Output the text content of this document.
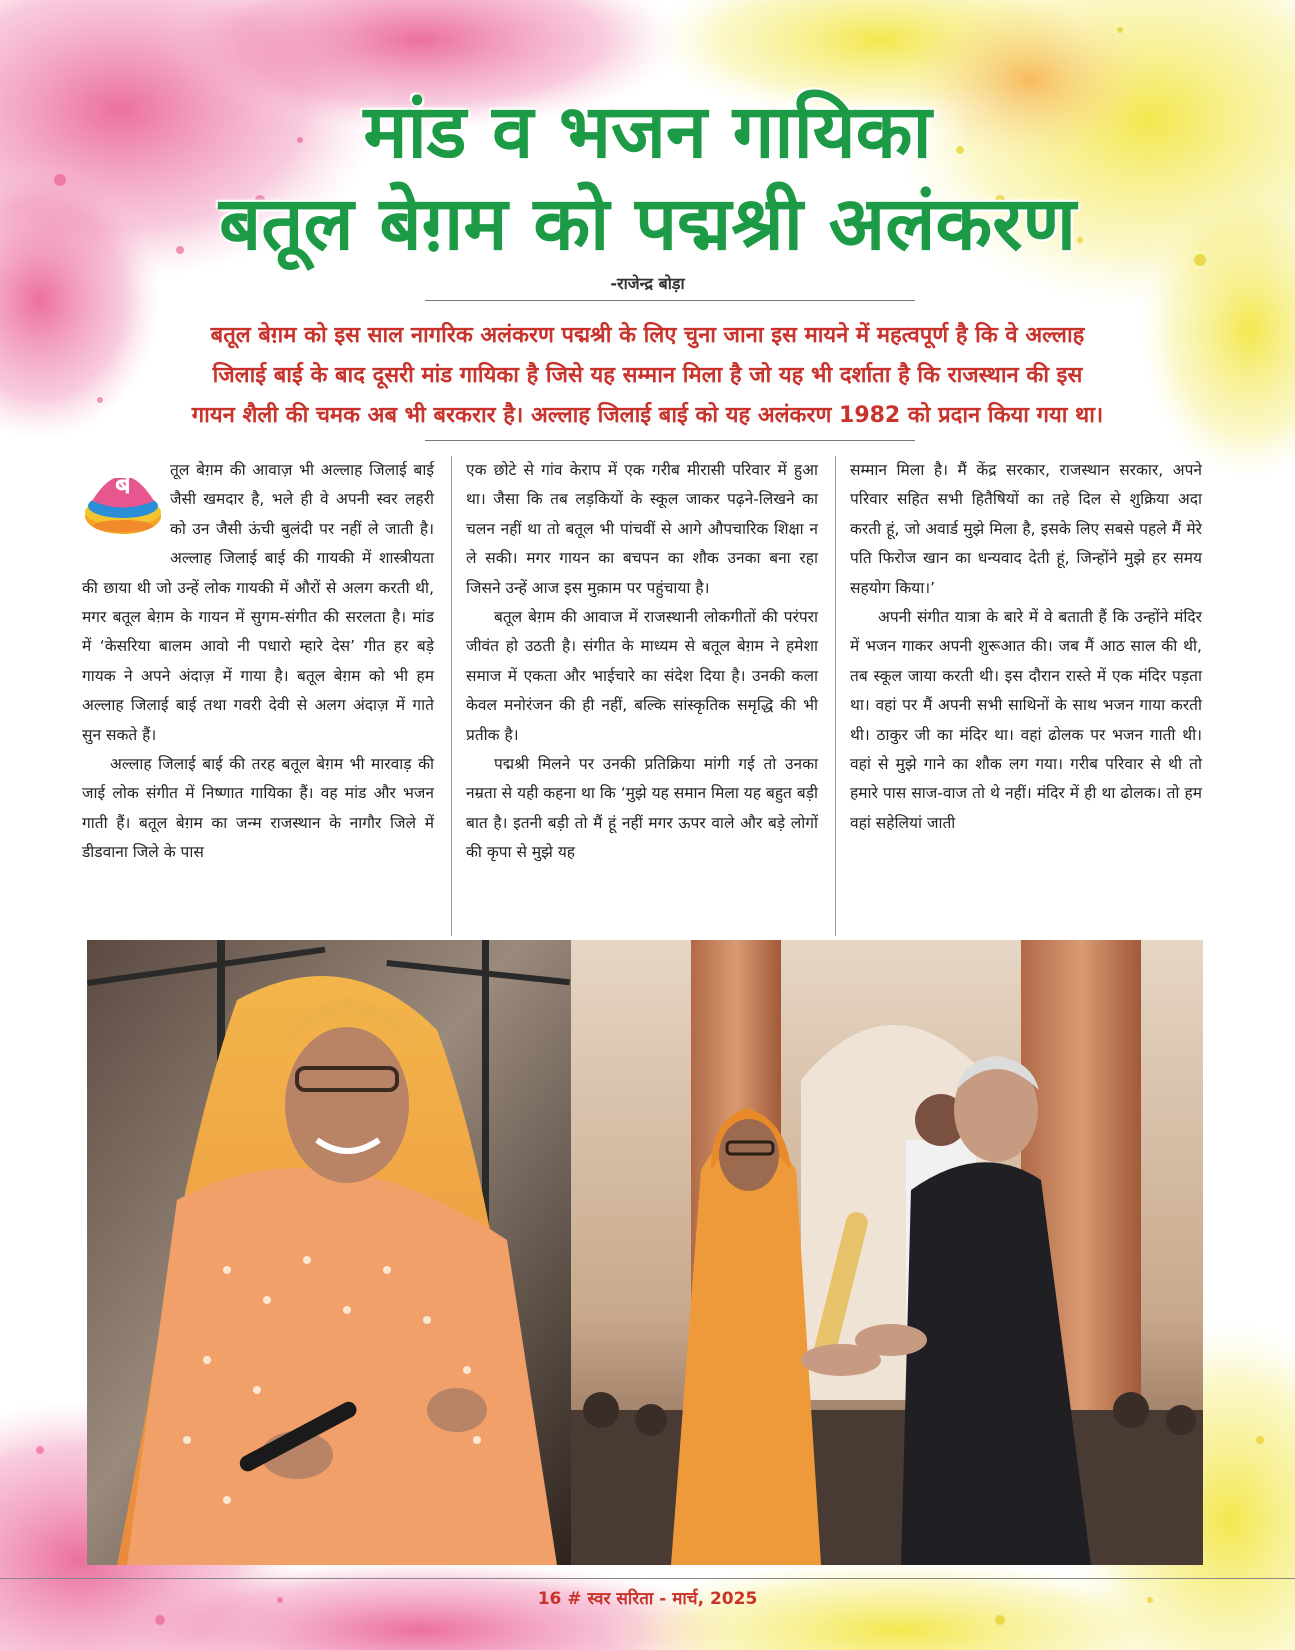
मांड व भजन गायिका
बतूल बेग़म को पद्मश्री अलंकरण
-राजेन्द्र बोड़ा
बतूल बेग़म को इस साल नागरिक अलंकरण पद्मश्री के लिए चुना जाना इस मायने में महत्वपूर्ण है कि वे अल्लाह
जिलाई बाई के बाद दूसरी मांड गायिका है जिसे यह सम्मान मिला है जो यह भी दर्शाता है कि राजस्थान की इस
गायन शैली की चमक अब भी बरकरार है। अल्लाह जिलाई बाई को यह अलंकरण 1982 को प्रदान किया गया था।
ब	तूल बेग़म की आवाज़ भी अल्लाह जिलाई बाई जैसी खमदार है, भले ही वे अपनी स्वर लहरी को उन जैसी ऊंची बुलंदी पर नहीं ले जाती है। अल्लाह जिलाई बाई की गायकी में शास्त्रीयता की छाया थी जो उन्हें लोक गायकी में औरों से अलग करती थी, मगर बतूल बेग़म के गायन में सुगम-संगीत की सरलता है। मांड में ‘केसरिया बालम आवो नी पधारो म्हारे देस’ गीत हर बड़े गायक ने अपने अंदाज़ में गाया है। बतूल बेग़म को भी हम अल्लाह जिलाई बाई तथा गवरी देवी से अलग अंदाज़ में गाते सुन सकते हैं।

अल्लाह जिलाई बाई की तरह बतूल बेग़म भी मारवाड़ की जाई लोक संगीत में निष्णात गायिका हैं। वह मांड और भजन गाती हैं। बतूल बेग़म का जन्म राजस्थान के नागौर जिले में डीडवाना जिले के पास

एक छोटे से गांव केराप में एक गरीब मीरासी परिवार में हुआ था। जैसा कि तब लड़कियों के स्कूल जाकर पढ़ने-लिखने का चलन नहीं था तो बतूल भी पांचवीं से आगे औपचारिक शिक्षा न ले सकी। मगर गायन का बचपन का शौक उनका बना रहा जिसने उन्हें आज इस मुक़ाम पर पहुंचाया है।

बतूल बेग़म की आवाज में राजस्थानी लोकगीतों की परंपरा जीवंत हो उठती है। संगीत के माध्यम से बतूल बेग़म ने हमेशा समाज में एकता और भाईचारे का संदेश दिया है। उनकी कला केवल मनोरंजन की ही नहीं, बल्कि सांस्कृतिक समृद्धि की भी प्रतीक है।

पद्मश्री मिलने पर उनकी प्रतिक्रिया मांगी गई तो उनका नम्रता से यही कहना था कि ‘मुझे यह समान मिला यह बहुत बड़ी बात है। इतनी बड़ी तो मैं हूं नहीं मगर ऊपर वाले और बड़े लोगों की कृपा से मुझे यह

सम्मान मिला है। मैं केंद्र सरकार, राजस्थान सरकार, अपने परिवार सहित सभी हितैषियों का तहे दिल से शुक्रिया अदा करती हूं, जो अवार्ड मुझे मिला है, इसके लिए सबसे पहले मैं मेरे पति फिरोज खान का धन्यवाद देती हूं, जिन्होंने मुझे हर समय सहयोग किया।’

अपनी संगीत यात्रा के बारे में वे बताती हैं कि उन्होंने मंदिर में भजन गाकर अपनी शुरूआत की। जब मैं आठ साल की थी, तब स्कूल जाया करती थी। इस दौरान रास्ते में एक मंदिर पड़ता था। वहां पर मैं अपनी सभी साथिनों के साथ भजन गाया करती थी। ठाकुर जी का मंदिर था। वहां ढोलक पर भजन गाती थी। वहां से मुझे गाने का शौक लग गया। गरीब परिवार से थी तो हमारे पास साज-वाज तो थे नहीं। मंदिर में ही था ढोलक। तो हम वहां सहेलियां जाती

16 # स्वर सरिता - मार्च, 2025
